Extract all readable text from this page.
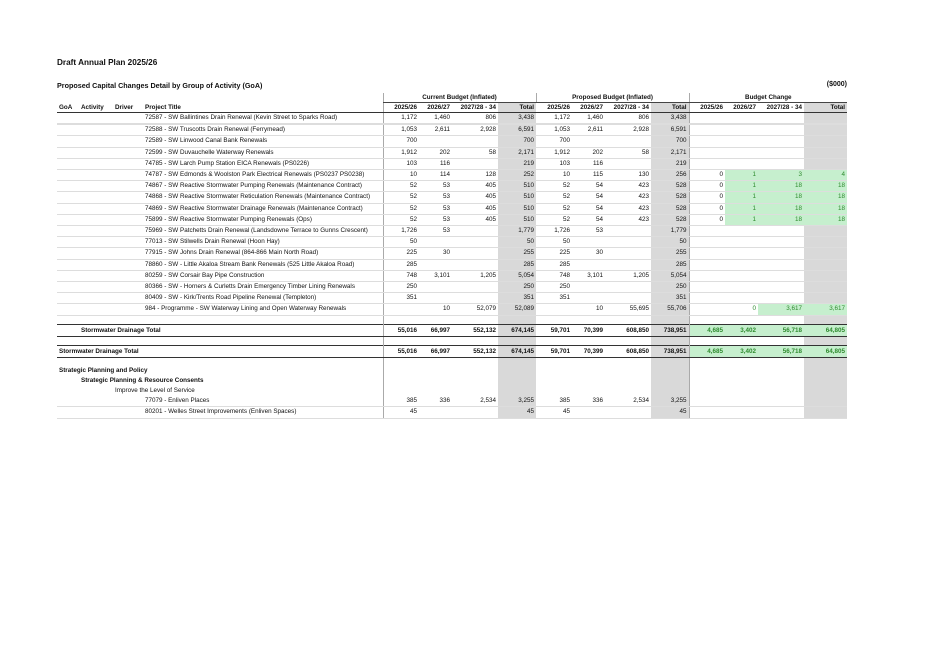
Draft Annual Plan 2025/26
Proposed Capital Changes Detail by Group of Activity (GoA)	($000)
				Current Budget (Inflated)				Proposed Budget (Inflated)				Budget Change			
GoA	Activity	Driver	Project Title	2025/26	2026/27	2027/28 - 34	Total	2025/26	2026/27	2027/28 - 34	Total	2025/26	2026/27	2027/28 - 34	Total
			72587 - SW Ballintines Drain Renewal (Kevin Street to Sparks Road)	1,172	1,460	806	3,438	1,172	1,460	806	3,438				

			72588 - SW Truscotts Drain Renewal (Ferrymead)	1,053	2,611	2,928	6,591	1,053	2,611	2,928	6,591				
			72589 - SW Linwood Canal Bank Renewals	700			700	700			700				
			72599 - SW Duvauchelle Waterway Renewals	1,912	202	58	2,171	1,912	202	58	2,171				
			74785 - SW Larch Pump Station EICA Renewals (PS0226)	103	116		219	103	116		219				
			74787 - SW Edmonds & Woolston Park Electrical Renewals (PS0237 PS0238)	10	114	128	252	10	115	130	256	0	1	3	4
			74867 - SW Reactive Stormwater Pumping Renewals (Maintenance Contract)	52	53	405	510	52	54	423	528	0	1	18	18
			74868 - SW Reactive Stormwater Reticulation Renewals (Maintenance Contract)	52	53	405	510	52	54	423	528	0	1	18	18
			74869 - SW Reactive Stormwater Drainage Renewals (Maintenance Contract)	52	53	405	510	52	54	423	528	0	1	18	18
			75899 - SW Reactive Stormwater Pumping Renewals (Ops)	52	53	405	510	52	54	423	528	0	1	18	18
			75969 - SW Patchetts Drain Renewal (Landsdowne Terrace to Gunns Crescent)	1,726	53		1,779	1,726	53		1,779				
			77013 - SW Stilwells Drain Renewal (Hoon Hay)	50			50	50			50				
			77915 - SW Johns Drain Renewal (864-866 Main North Road)	225	30		255	225	30		255				
			78860 - SW - Little Akaloa Stream Bank Renewals (525 Little Akaloa Road)	285			285	285			285				
			80259 - SW Corsair Bay Pipe Construction	748	3,101	1,205	5,054	748	3,101	1,205	5,054				
			80366 - SW - Horners & Curletts Drain Emergency Timber Lining Renewals	250			250	250			250				
			80409 - SW - Kirk/Trents Road Pipeline Renewal (Templeton)	351			351	351			351				
			984 - Programme - SW Waterway Lining and Open Waterway Renewals		10	52,079	52,089		10	55,695	55,706		0	3,617	3,617

	Stormwater Drainage Total			55,016	66,997	552,132	674,145	59,701	70,399	608,850	738,951	4,685	3,402	56,718	64,805

Stormwater Drainage Total				55,016	66,997	552,132	674,145	59,701	70,399	608,850	738,951	4,685	3,402	56,718	64,805

Strategic Planning and Policy															
	Strategic Planning & Resource Consents														
		Improve the Level of Service													
			77079 - Enliven Places	385	336	2,534	3,255	385	336	2,534	3,255				
			80201 - Welles Street Improvements (Enliven Spaces)	45			45	45			45				
